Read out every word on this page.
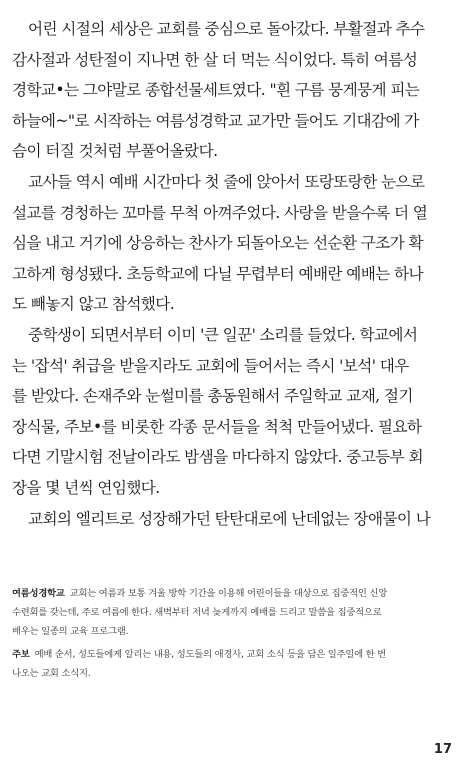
어린 시절의 세상은 교회를 중심으로 돌아갔다. 부활절과 추수
감사절과 성탄절이 지나면 한 살 더 먹는 식이었다. 특히 여름성
경학교•는 그야말로 종합선물세트였다. "흰 구름 뭉게뭉게 피는
하늘에~"로 시작하는 여름성경학교 교가만 들어도 기대감에 가
슴이 터질 것처럼 부풀어올랐다.

교사들 역시 예배 시간마다 첫 줄에 앉아서 또랑또랑한 눈으로
설교를 경청하는 꼬마를 무척 아껴주었다. 사랑을 받을수록 더 열
심을 내고 거기에 상응하는 찬사가 되돌아오는 선순환 구조가 확
고하게 형성됐다. 초등학교에 다닐 무렵부터 예배란 예배는 하나
도 빼놓지 않고 참석했다.

중학생이 되면서부터 이미 '큰 일꾼' 소리를 들었다. 학교에서
는 '잡석' 취급을 받을지라도 교회에 들어서는 즉시 '보석' 대우
를 받았다. 손재주와 눈썰미를 총동원해서 주일학교 교재, 절기
장식물, 주보•를 비롯한 각종 문서들을 척척 만들어냈다. 필요하
다면 기말시험 전날이라도 밤샘을 마다하지 않았다. 중고등부 회
장을 몇 년씩 연임했다.

교회의 엘리트로 성장해가던 탄탄대로에 난데없는 장애물이 나

여름성경학교 교회는 여름과 보통 겨울 방학 기간을 이용해 어린이들을 대상으로 집중적인 신앙
수련회를 갖는데, 주로 여름에 한다. 새벽부터 저녁 늦게까지 예배를 드리고 말씀을 집중적으로
배우는 일종의 교육 프로그램.

주보 예배 순서, 성도들에게 알리는 내용, 성도들의 애경사, 교회 소식 등을 담은 일주일에 한 번
나오는 교회 소식지.

17
